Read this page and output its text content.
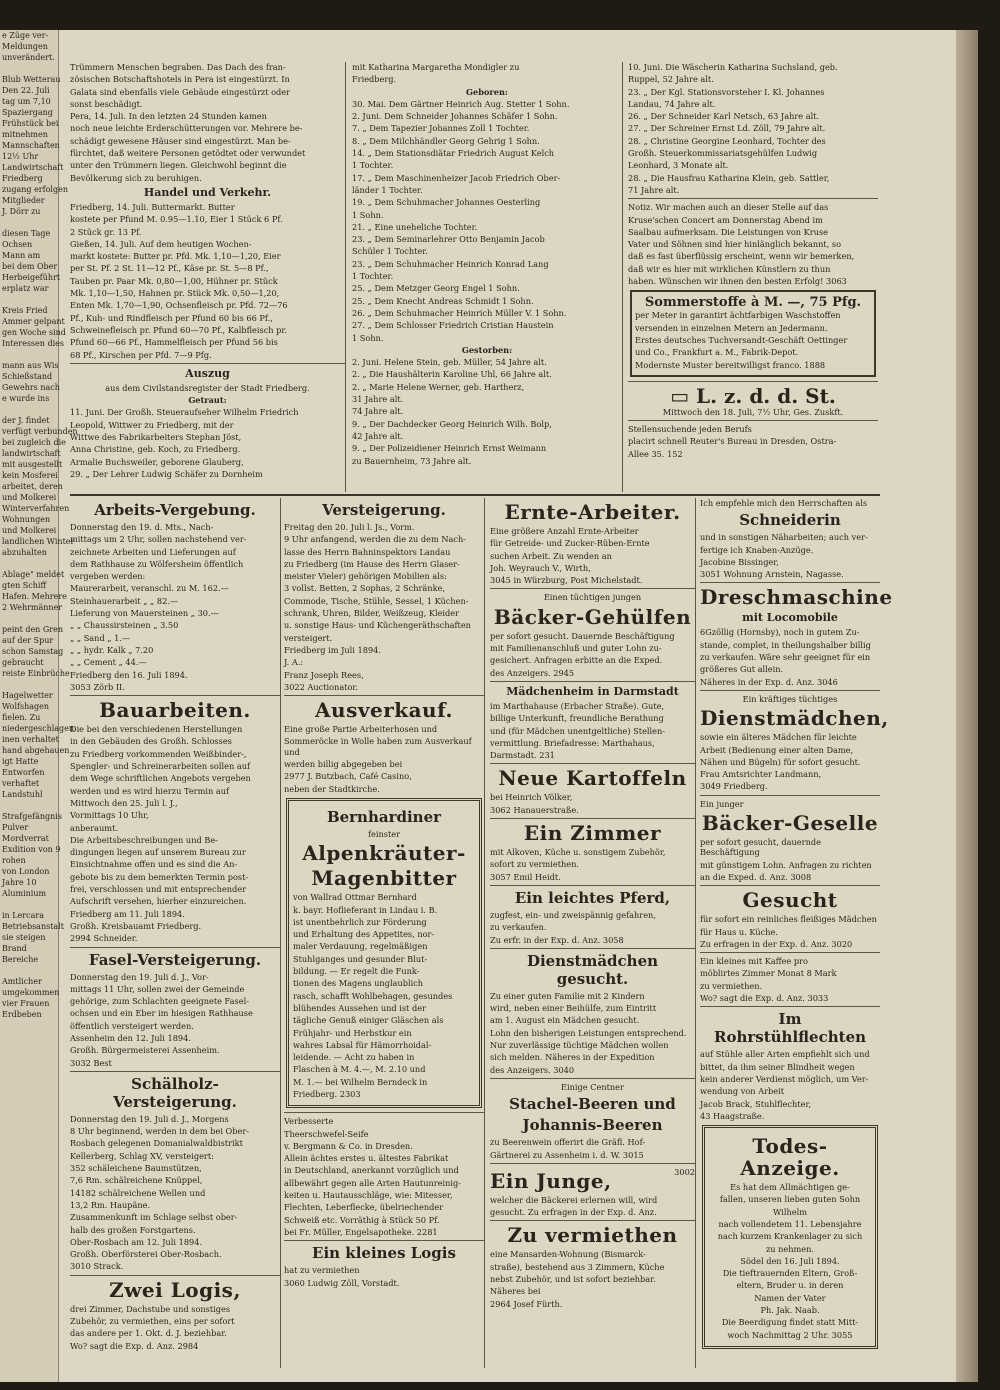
e Züge ver-
Meldungen
unverändert.

Blub Wetterau
Den 22. Juli
tag um 7,10
Spaziergang
Frühstück bei
mitnehmen
Mannschaften
12½ Uhr
Landwirtschaft
Friedberg
zugang erfolgen
Mitglieder
J. Dörr zu

diesen Tage
Ochsen
Mann am
bei dem Ober
Herbeigeführt
erplatz war

Kreis Fried
Ammer gelpant
gen Woche sind
Interessen dies

mann aus Wis
Schießstand
Gewehrs nach
e wurde ins

der J. findet
verfügt verbunden
bei zugleich die
landwirtschaft
mit ausgestellt
kein Mosferei
arbeitet, deren
und Molkerei
Winterverfahren
Wohnungen
und Molkerei
landlichen Winter
abzuhalten

Ablage" meldet
gten Schiff
Hafen. Mehrere
2 Wehrmänner

peint den Gren
auf der Spur
schon Samstag
gebraucht
reiste Einbrüche

Hagelwetter
Wolfshagen
fielen. Zu
niedergeschlagen
inen verhaltet
hand abgehauen
igt Hatte
Entworfen
verhaftet
Landstuhl

Strafgefängnis
Pulver
Mordverrat
Exdition von 9
rohen
von London
Jahre 10
Aluminium

in Lercara
Betriebsanstalt
sie steigen
Brand
Bereiche

Amtlicher
umgekommen
vier Frauen
Erdbeben

Trümmern Menschen begraben. Das Dach des fran-

zösischen Botschaftshotels in Pera ist eingestürzt. In

Galata sind ebenfalls viele Gebäude eingestürzt oder

sonst beschädigt.

Pera, 14. Juli. In den letzten 24 Stunden kamen

noch neue leichte Erderschütterungen vor. Mehrere be-

schädigt gewesene Häuser sind eingestürzt. Man be-

fürchtet, daß weitere Personen getödtet oder verwundet

unter den Trümmern liegen. Gleichwohl beginnt die

Bevölkerung sich zu beruhigen.

Handel und Verkehr.

Friedberg, 14. Juli. Buttermarkt. Butter

kostete per Pfund M. 0.95—1.10, Eier 1 Stück 6 Pf.

2 Stück gr. 13 Pf.

Gießen, 14. Juli. Auf dem heutigen Wochen-

markt kostete: Butter pr. Pfd. Mk. 1,10—1,20, Eier

per St. Pf. 2 St. 11—12 Pf., Käse pr. St. 5—8 Pf.,

Tauben pr. Paar Mk. 0,80—1,00, Hühner pr. Stück

Mk. 1,10—1,50, Hahnen pr. Stück Mk. 0,50—1,20,

Enten Mk. 1,70—1,90, Ochsenfleisch pr. Pfd. 72—76

Pf., Kuh- und Rindfleisch per Pfund 60 bis 66 Pf.,

Schweinefleisch pr. Pfund 60—70 Pf., Kalbfleisch pr.

Pfund 60—66 Pf., Hammelfleisch per Pfund 56 bis

68 Pf., Kirschen per Pfd. 7—9 Pfg.

Auszug

aus dem Civilstandsregister der Stadt Friedberg.

Getraut:

11. Juni. Der Großh. Steueraufseher Wilhelm Friedrich

Leopold, Wittwer zu Friedberg, mit der

Wittwe des Fabrikarbeiters Stephan Jöst,

Anna Christine, geb. Koch, zu Friedberg.

Armalie Buchsweiler, geborene Glauberg,

29. „ Der Lehrer Ludwig Schäfer zu Dornheim

mit Katharina Margaretha Mondigler zu

Friedberg.

Geboren:

30. Mai. Dem Gärtner Heinrich Aug. Stetter 1 Sohn.

2. Juni. Dem Schneider Johannes Schäfer 1 Sohn.

7. „ Dem Tapezier Johannes Zoll 1 Tochter.

8. „ Dem Milchhändler Georg Gehrig 1 Sohn.

14. „ Dem Stationsdiätar Friedrich August Kelch

1 Tochter.

17. „ Dem Maschinenheizer Jacob Friedrich Ober-

länder 1 Tochter.

19. „ Dem Schuhmacher Johannes Oesterling

1 Sohn.

21. „ Eine uneheliche Tochter.

23. „ Dem Seminarlehrer Otto Benjamin Jacob

Schüler 1 Tochter.

23. „ Dem Schuhmacher Heinrich Konrad Lang

1 Tochter.

25. „ Dem Metzger Georg Engel 1 Sohn.

25. „ Dem Knecht Andreas Schmidt 1 Sohn.

26. „ Dem Schuhmacher Heinrich Müller V. 1 Sohn.

27. „ Dem Schlosser Friedrich Cristian Haustein

1 Sohn.

Gestorben:

2. Juni. Helene Stein, geb. Müller, 54 Jahre alt.

2. „ Die Haushälterin Karoline Uhl, 66 Jahre alt.

2. „ Marie Helene Werner, geb. Hartherz,

31 Jahre alt.

74 Jahre alt.

9. „ Der Dachdecker Georg Heinrich Wilh. Bolp,

42 Jahre alt.

9. „ Der Polizeidiener Heinrich Ernst Weimann

zu Bauernheim, 73 Jahre alt.

10. Juni. Die Wäscherin Katharina Suchsland, geb.

Ruppel, 52 Jahre alt.

23. „ Der Kgl. Stationsvorsteher I. Kl. Johannes

Landau, 74 Jahre alt.

26. „ Der Schneider Karl Netsch, 63 Jahre alt.

27. „ Der Schreiner Ernst Ld. Zöll, 79 Jahre alt.

28. „ Christine Georgine Leonhard, Tochter des

Großh. Steuerkommissariatsgehülfen Ludwig

Leonhard, 3 Monate alt.

28. „ Die Hausfrau Katharina Klein, geb. Sattler,

71 Jahre alt.

Notiz. Wir machen auch an dieser Stelle auf das

Kruse'schen Concert am Donnerstag Abend im

Saalbau aufmerksam. Die Leistungen von Kruse

Vater und Söhnen sind hier hinlänglich bekannt, so

daß es fast überflüssig erscheint, wenn wir bemerken,

daß wir es hier mit wirklichen Künstlern zu thun

haben. Wünschen wir ihnen den besten Erfolg! 3063

Sommerstoffe à M. —, 75 Pfg.

per Meter in garantirt ächtfarbigen Waschstoffen

versenden in einzelnen Metern an Jedermann.

Erstes deutsches Tuchversandt-Geschäft Oettinger

und Co., Frankfurt a. M., Fabrik-Depot.

Modernste Muster bereitwilligst franco. 1888

▭ L. z. d. d. St.

Mittwoch den 18. Juli, 7½ Uhr, Ges. Zuskft.

Stellensuchende jeden Berufs

placirt schnell Reuter's Bureau in Dresden, Ostra-

Allee 35. 152

Arbeits-Vergebung.

Donnerstag den 19. d. Mts., Nach-

mittags um 2 Uhr, sollen nachstehend ver-

zeichnete Arbeiten und Lieferungen auf

dem Rathhause zu Wölfersheim öffentlich

vergeben werden:

Maurerarbeit, veranschl. zu M. 162.—

Steinhauerarbeit „ „ 82.—

Lieferung von Mauersteinen „ 30.—

„ „ Chaussirsteinen „ 3.50

„ „ Sand „ 1.—

„ „ hydr. Kalk „ 7.20

„ „ Cement „ 44.—

Friedberg den 16. Juli 1894.

3053 Zörb II.

Bauarbeiten.

Die bei den verschiedenen Herstellungen

in den Gebäuden des Großh. Schlosses

zu Friedberg vorkommenden Weißbinder-,

Spengler- und Schreinerarbeiten sollen auf

dem Wege schriftlichen Angebots vergeben

werden und es wird hierzu Termin auf

Mittwoch den 25. Juli l. J.,

Vormittags 10 Uhr,

anberaumt.

Die Arbeitsbeschreibungen und Be-

dingungen liegen auf unserem Bureau zur

Einsichtnahme offen und es sind die An-

gebote bis zu dem bemerkten Termin post-

frei, verschlossen und mit entsprechender

Aufschrift versehen, hierher einzureichen.

Friedberg am 11. Juli 1894.

Großh. Kreisbauamt Friedberg.

2994 Schneider.

Fasel-Versteigerung.

Donnerstag den 19. Juli d. J., Vor-

mittags 11 Uhr, sollen zwei der Gemeinde

gehörige, zum Schlachten geeignete Fasel-

ochsen und ein Eber im hiesigen Rathhause

öffentlich versteigert werden.

Assenheim den 12. Juli 1894.

Großh. Bürgermeisterei Assenheim.

3032 Best

Schälholz-Versteigerung.

Donnerstag den 19. Juli d. J., Morgens

8 Uhr beginnend, werden in dem bei Ober-

Rosbach gelegenen Domanialwaldbistrikt

Kellerberg, Schlag XV, versteigert:

352 schäleichene Baumstützen,

7,6 Rm. schälreichene Knüppel,

14182 schälreichene Wellen und

13,2 Rm. Haupäne.

Zusammenkunft im Schlage selbst ober-

halb des großen Forstgartens.

Ober-Rosbach am 12. Juli 1894.

Großh. Oberförsterei Ober-Rosbach.

3010 Strack.

Zwei Logis,

drei Zimmer, Dachstube und sonstiges

Zubehör, zu vermiethen, eins per sofort

das andere per 1. Okt. d. J. beziehbar.

Wo? sagt die Exp. d. Anz. 2984

Versteigerung.

Freitag den 20. Juli l. Js., Vorm.

9 Uhr anfangend, werden die zu dem Nach-

lasse des Herrn Bahninspektors Landau

zu Friedberg (im Hause des Herrn Glaser-

meister Vieler) gehörigen Mobilien als:

3 vollst. Betten, 2 Sophas, 2 Schränke,

Commode, Tische, Stühle, Sessel, 1 Küchen-

schrank, Uhren, Bilder, Weißzeug, Kleider

u. sonstige Haus- und Küchengeräthschaften

versteigert.

Friedberg im Juli 1894.

J. A.:

Franz Joseph Rees,

3022 Auctionator.

Ausverkauf.

Eine große Partie Arbeiterhosen und

Sommeröcke in Wolle haben zum Ausverkauf und

werden billig abgegeben bei

2977 J. Butzbach, Café Casino,

neben der Stadtkirche.

Bernhardiner

feinster

Alpenkräuter-
Magenbitter

von Wallrad Ottmar Bernhard

k. bayr. Hoflieferant in Lindau i. B.

ist unentbehrlich zur Förderung

und Erhaltung des Appetites, nor-

maler Verdauung, regelmäßigen

Stuhlganges und gesunder Blut-

bildung. — Er regelt die Funk-

tionen des Magens unglaublich

rasch, schafft Wohlbehagen, gesundes

blühendes Aussehen und ist der

tägliche Genuß einiger Gläschen als

Frühjahr- und Herbstkur ein

wahres Labsal für Hämorrhoidal-

leidende. — Acht zu haben in

Flaschen à M. 4.—, M. 2.10 und

M. 1.— bei Wilhelm Berndeck in

Friedberg. 2303

Verbesserte

Theerschwefel-Seife

v. Bergmann & Co. in Dresden.

Allein ächtes erstes u. ältestes Fabrikat

in Deutschland, anerkannt vorzüglich und

allbewährt gegen alle Arten Hautunreinig-

keiten u. Hautausschläge, wie: Mitesser,

Flechten, Leberflecke, übelriechender

Schweiß etc. Vorräthig à Stück 50 Pf.

bei Fr. Müller, Engelsapotheke. 2281

Ein kleines Logis

hat zu vermiethen

3060 Ludwig Zöll, Vorstadt.

Ernte-Arbeiter.

Eine größere Anzahl Ernte-Arbeiter

für Getreide- und Zucker-Rüben-Ernte

suchen Arbeit. Zu wenden an

Joh. Weyrauch V., Wirth,

3045 in Würzburg, Post Michelstadt.

Einen tüchtigen jungen

Bäcker-Gehülfen

per sofort gesucht. Dauernde Beschäftigung

mit Familienanschluß und guter Lohn zu-

gesichert. Anfragen erbitte an die Exped.

des Anzeigers. 2945

Mädchenheim in Darmstadt

im Marthahause (Erbacher Straße). Gute,

billige Unterkunft, freundliche Berathung

und (für Mädchen unentgeltliche) Stellen-

vermittlung. Briefadresse: Marthahaus,

Darmstadt. 231

Neue Kartoffeln

bei Heinrich Völker,

3062 Hanauerstraße.

Ein Zimmer

mit Alkoven, Küche u. sonstigem Zubehör,

sofort zu vermiethen.

3057 Emil Heidt.

Ein leichtes Pferd,

zugfest, ein- und zweispännig gefahren,

zu verkaufen.

Zu erfr. in der Exp. d. Anz. 3058

Dienstmädchen gesucht.

Zu einer guten Familie mit 2 Kindern

wird, neben einer Beihülfe, zum Eintritt

am 1. August ein Mädchen gesucht.

Lohn den bisherigen Leistungen entsprechend.

Nur zuverlässige tüchtige Mädchen wollen

sich melden. Näheres in der Expedition

des Anzeigers. 3040

Einige Centner

Stachel-Beeren und
Johannis-Beeren

zu Beerenwein offerirt die Gräfl. Hof-

Gärtnerei zu Assenheim i. d. W. 3015

Ein Junge,	3002

welcher die Bäckerei erlernen will, wird

gesucht. Zu erfragen in der Exp. d. Anz.

Zu vermiethen

eine Mansarden-Wohnung (Bismarck-

straße), bestehend aus 3 Zimmern, Küche

nebst Zubehör, und ist sofort beziehbar.

Näheres bei

2964 Josef Fürth.

Ich empfehle mich den Herrschaften als

Schneiderin

und in sonstigen Näharbeiten; auch ver-

fertige ich Knaben-Anzüge.

Jacobine Bissinger,

3051 Wohnung Arnstein, Nagasse.

Dreschmaschine
mit Locomobile

6Gzöllig (Hornsby), noch in gutem Zu-

stande, complet, in theilungshalber billig

zu verkaufen. Wäre sehr geeignet für ein

größeres Gut allein.

Näheres in der Exp. d. Anz. 3046

Ein kräftiges tüchtiges

Dienstmädchen,

sowie ein älteres Mädchen für leichte

Arbeit (Bedienung einer alten Dame,

Nähen und Bügeln) für sofort gesucht.

Frau Amtsrichter Landmann,

3049 Friedberg.

Ein junger

Bäcker-Geselle

per sofort gesucht, dauernde Beschäftigung

mit günstigem Lohn. Anfragen zu richten

an die Exped. d. Anz. 3008

Gesucht

für sofort ein reinliches fleißiges Mädchen

für Haus u. Küche.

Zu erfragen in der Exp. d. Anz. 3020

Ein kleines mit Kaffee pro

möblirtes Zimmer Monat 8 Mark

zu vermiethen.

Wo? sagt die Exp. d. Anz. 3033

Im Rohrstühlflechten

auf Stühle aller Arten empfiehlt sich und

bittet, da ihm seiner Blindheit wegen

kein anderer Verdienst möglich, um Ver-

wendung von Arbeit

Jacob Brack, Stuhlflechter,

43 Haagstraße.

Todes-Anzeige.

Es hat dem Allmächtigen ge-

fallen, unseren lieben guten Sohn

Wilhelm

nach vollendetem 11. Lebensjahre

nach kurzem Krankenlager zu sich

zu nehmen.

Södel den 16. Juli 1894.

Die tieftrauernden Eltern, Groß-

eltern, Bruder u. in deren

Namen der Vater

Ph. Jak. Naab.

Die Beerdigung findet statt Mitt-

woch Nachmittag 2 Uhr. 3055
